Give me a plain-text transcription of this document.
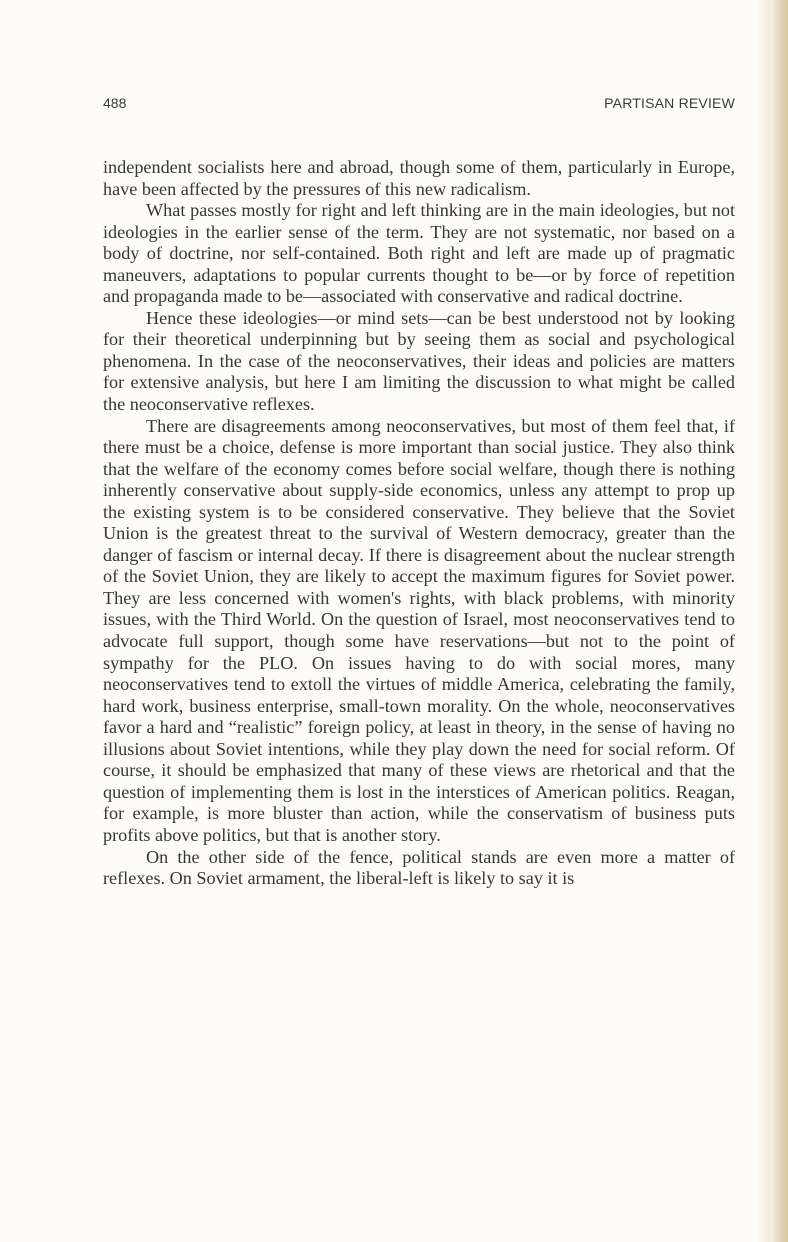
488	PARTISAN REVIEW

independent socialists here and abroad, though some of them, particularly in Europe, have been affected by the pressures of this new radicalism.

What passes mostly for right and left thinking are in the main ideologies, but not ideologies in the earlier sense of the term. They are not systematic, nor based on a body of doctrine, nor self-contained. Both right and left are made up of pragmatic maneuvers, adaptations to popular currents thought to be—or by force of repetition and propaganda made to be—associated with conservative and radical doctrine.

Hence these ideologies—or mind sets—can be best understood not by looking for their theoretical underpinning but by seeing them as social and psychological phenomena. In the case of the neoconservatives, their ideas and policies are matters for extensive analysis, but here I am limiting the discussion to what might be called the neoconservative reflexes.

There are disagreements among neoconservatives, but most of them feel that, if there must be a choice, defense is more important than social justice. They also think that the welfare of the economy comes before social welfare, though there is nothing inherently conservative about supply-side economics, unless any attempt to prop up the existing system is to be considered conservative. They believe that the Soviet Union is the greatest threat to the survival of Western democracy, greater than the danger of fascism or internal decay. If there is disagreement about the nuclear strength of the Soviet Union, they are likely to accept the maximum figures for Soviet power. They are less concerned with women's rights, with black problems, with minority issues, with the Third World. On the question of Israel, most neoconservatives tend to advocate full support, though some have reservations—but not to the point of sympathy for the PLO. On issues having to do with social mores, many neoconservatives tend to extoll the virtues of middle America, celebrating the family, hard work, business enterprise, small-town morality. On the whole, neoconservatives favor a hard and “realistic” foreign policy, at least in theory, in the sense of having no illusions about Soviet intentions, while they play down the need for social reform. Of course, it should be emphasized that many of these views are rhetorical and that the question of implementing them is lost in the interstices of American politics. Reagan, for example, is more bluster than action, while the conservatism of business puts profits above politics, but that is another story.

On the other side of the fence, political stands are even more a matter of reflexes. On Soviet armament, the liberal-left is likely to say it is
